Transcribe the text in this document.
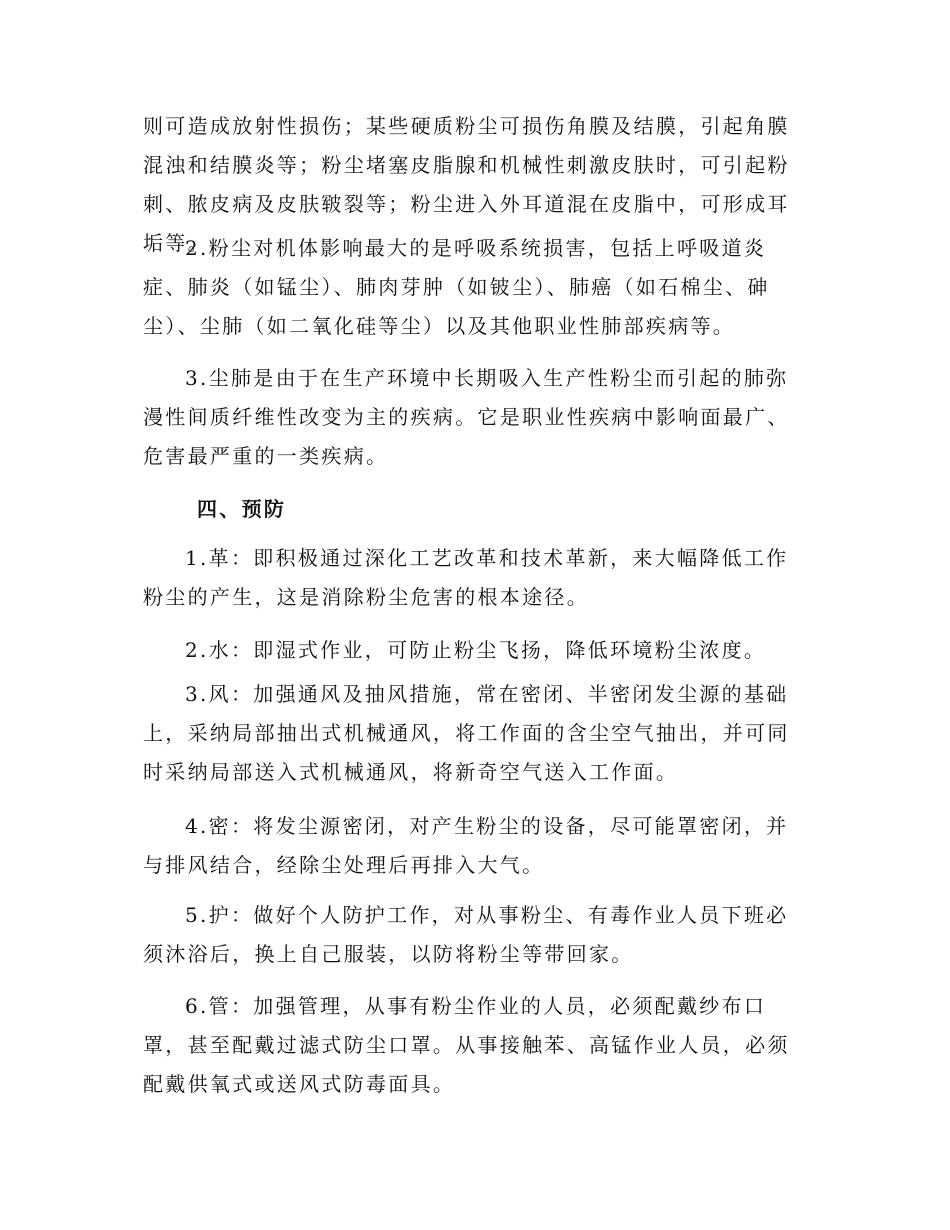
则可造成放射性损伤；某些硬质粉尘可损伤角膜及结膜，引起角膜混浊和结膜炎等；粉尘堵塞皮脂腺和机械性刺激皮肤时，可引起粉刺、脓皮病及皮肤皲裂等；粉尘进入外耳道混在皮脂中，可形成耳垢等。

2.粉尘对机体影响最大的是呼吸系统损害，包括上呼吸道炎症、肺炎（如锰尘）、肺肉芽肿（如铍尘）、肺癌（如石棉尘、砷尘）、尘肺（如二氧化硅等尘）以及其他职业性肺部疾病等。

3.尘肺是由于在生产环境中长期吸入生产性粉尘而引起的肺弥漫性间质纤维性改变为主的疾病。它是职业性疾病中影响面最广、危害最严重的一类疾病。

四、预防

1.革：即积极通过深化工艺改革和技术革新，来大幅降低工作粉尘的产生，这是消除粉尘危害的根本途径。

2.水：即湿式作业，可防止粉尘飞扬，降低环境粉尘浓度。

3.风：加强通风及抽风措施，常在密闭、半密闭发尘源的基础上，采纳局部抽出式机械通风，将工作面的含尘空气抽出，并可同时采纳局部送入式机械通风，将新奇空气送入工作面。

4.密：将发尘源密闭，对产生粉尘的设备，尽可能罩密闭，并与排风结合，经除尘处理后再排入大气。

5.护：做好个人防护工作，对从事粉尘、有毒作业人员下班必须沐浴后，换上自己服装，以防将粉尘等带回家。

6.管：加强管理，从事有粉尘作业的人员，必须配戴纱布口罩，甚至配戴过滤式防尘口罩。从事接触苯、高锰作业人员，必须配戴供氧式或送风式防毒面具。
